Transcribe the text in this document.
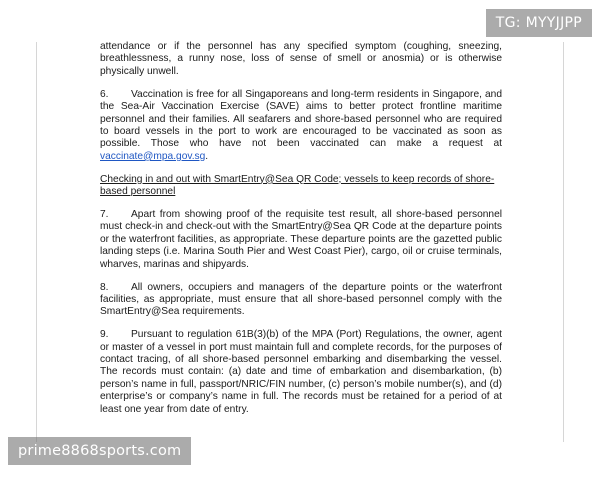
attendance or if the personnel has any specified symptom (coughing, sneezing, breathlessness, a runny nose, loss of sense of smell or anosmia) or is otherwise physically unwell.

6. Vaccination is free for all Singaporeans and long-term residents in Singapore, and the Sea-Air Vaccination Exercise (SAVE) aims to better protect frontline maritime personnel and their families. All seafarers and shore-based personnel who are required to board vessels in the port to work are encouraged to be vaccinated as soon as possible. Those who have not been vaccinated can make a request at vaccinate@mpa.gov.sg.

Checking in and out with SmartEntry@Sea QR Code; vessels to keep records of shore-based personnel

7. Apart from showing proof of the requisite test result, all shore-based personnel must check-in and check-out with the SmartEntry@Sea QR Code at the departure points or the waterfront facilities, as appropriate. These departure points are the gazetted public landing steps (i.e. Marina South Pier and West Coast Pier), cargo, oil or cruise terminals, wharves, marinas and shipyards.

8. All owners, occupiers and managers of the departure points or the waterfront facilities, as appropriate, must ensure that all shore-based personnel comply with the SmartEntry@Sea requirements.

9. Pursuant to regulation 61B(3)(b) of the MPA (Port) Regulations, the owner, agent or master of a vessel in port must maintain full and complete records, for the purposes of contact tracing, of all shore-based personnel embarking and disembarking the vessel. The records must contain: (a) date and time of embarkation and disembarkation, (b) person’s name in full, passport/NRIC/FIN number, (c) person’s mobile number(s), and (d) enterprise’s or company’s name in full. The records must be retained for a period of at least one year from date of entry.

TG: MYYJJPP
prime8868sports.com
